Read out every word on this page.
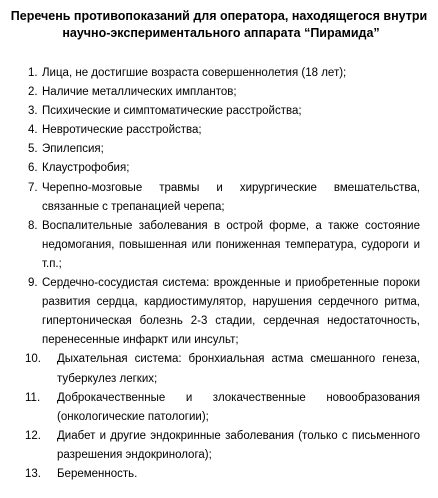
Перечень противопоказаний для оператора, находящегося внутри
научно-экспериментального аппарата “Пирамида”
1. Лица, не достигшие возраста совершеннолетия (18 лет);
2. Наличие металлических имплантов;
3. Психические и симптоматические расстройства;
4. Невротические расстройства;
5. Эпилепсия;
6. Клаустрофобия;
7. Черепно-мозговые травмы и хирургические вмешательства, связанные с трепанацией черепа;
8. Воспалительные заболевания в острой форме, а также состояние недомогания, повышенная или пониженная температура, судороги и т.п.;
9. Сердечно-сосудистая система: врожденные и приобретенные пороки развития сердца, кардиостимулятор, нарушения сердечного ритма, гипертоническая болезнь 2-3 стадии, сердечная недостаточность, перенесенные инфаркт или инсульт;
10. Дыхательная система: бронхиальная астма смешанного генеза, туберкулез легких;
11. Доброкачественные и злокачественные новообразования (онкологические патологии);
12. Диабет и другие эндокринные заболевания (только с письменного разрешения эндокринолога);
13. Беременность.
